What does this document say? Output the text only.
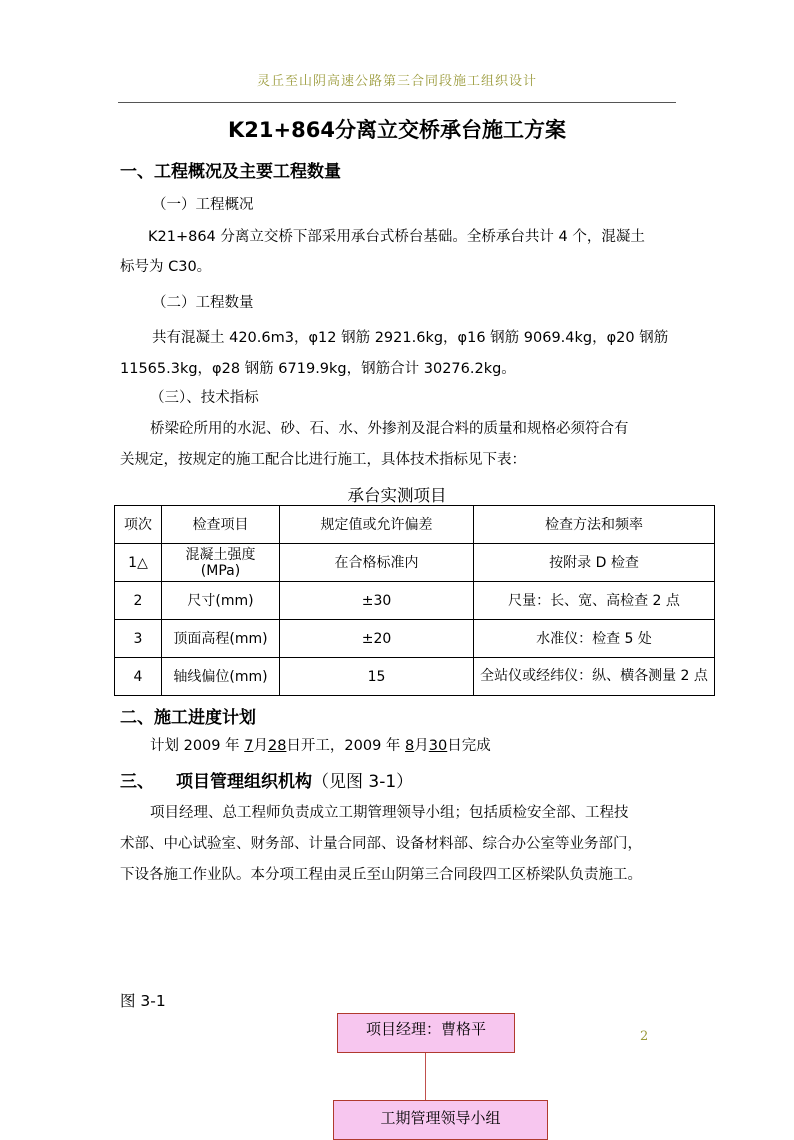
灵丘至山阴高速公路第三合同段施工组织设计
K21+864分离立交桥承台施工方案
一、工程概况及主要工程数量
（一）工程概况
K21+864 分离立交桥下部采用承台式桥台基础。全桥承台共计 4 个，混凝土
标号为 C30。
（二）工程数量
共有混凝土 420.6m3，φ12 钢筋 2921.6kg，φ16 钢筋 9069.4kg，φ20 钢筋
11565.3kg，φ28 钢筋 6719.9kg，钢筋合计 30276.2kg。
（三）、技术指标
桥梁砼所用的水泥、砂、石、水、外掺剂及混合料的质量和规格必须符合有
关规定，按规定的施工配合比进行施工，具体技术指标见下表：
承台实测项目
项次	检查项目	规定值或允许偏差	检查方法和频率
1△	混凝土强度(MPa)	在合格标准内	按附录 D 检查
2	尺寸(mm)	±30	尺量：长、宽、高检查 2 点
3	顶面高程(mm)	±20	水准仪：检查 5 处
4	轴线偏位(mm)	15	全站仪或经纬仪：纵、横各测量 2 点
二、施工进度计划
计划 2009 年 7月28日开工，2009 年 8月30日完成
三、 项目管理组织机构（见图 3-1）
项目经理、总工程师负责成立工期管理领导小组；包括质检安全部、工程技
术部、中心试验室、财务部、计量合同部、设备材料部、综合办公室等业务部门，
下设各施工作业队。本分项工程由灵丘至山阴第三合同段四工区桥梁队负责施工。
图 3-1
项目经理：曹格平
工期管理领导小组
2
